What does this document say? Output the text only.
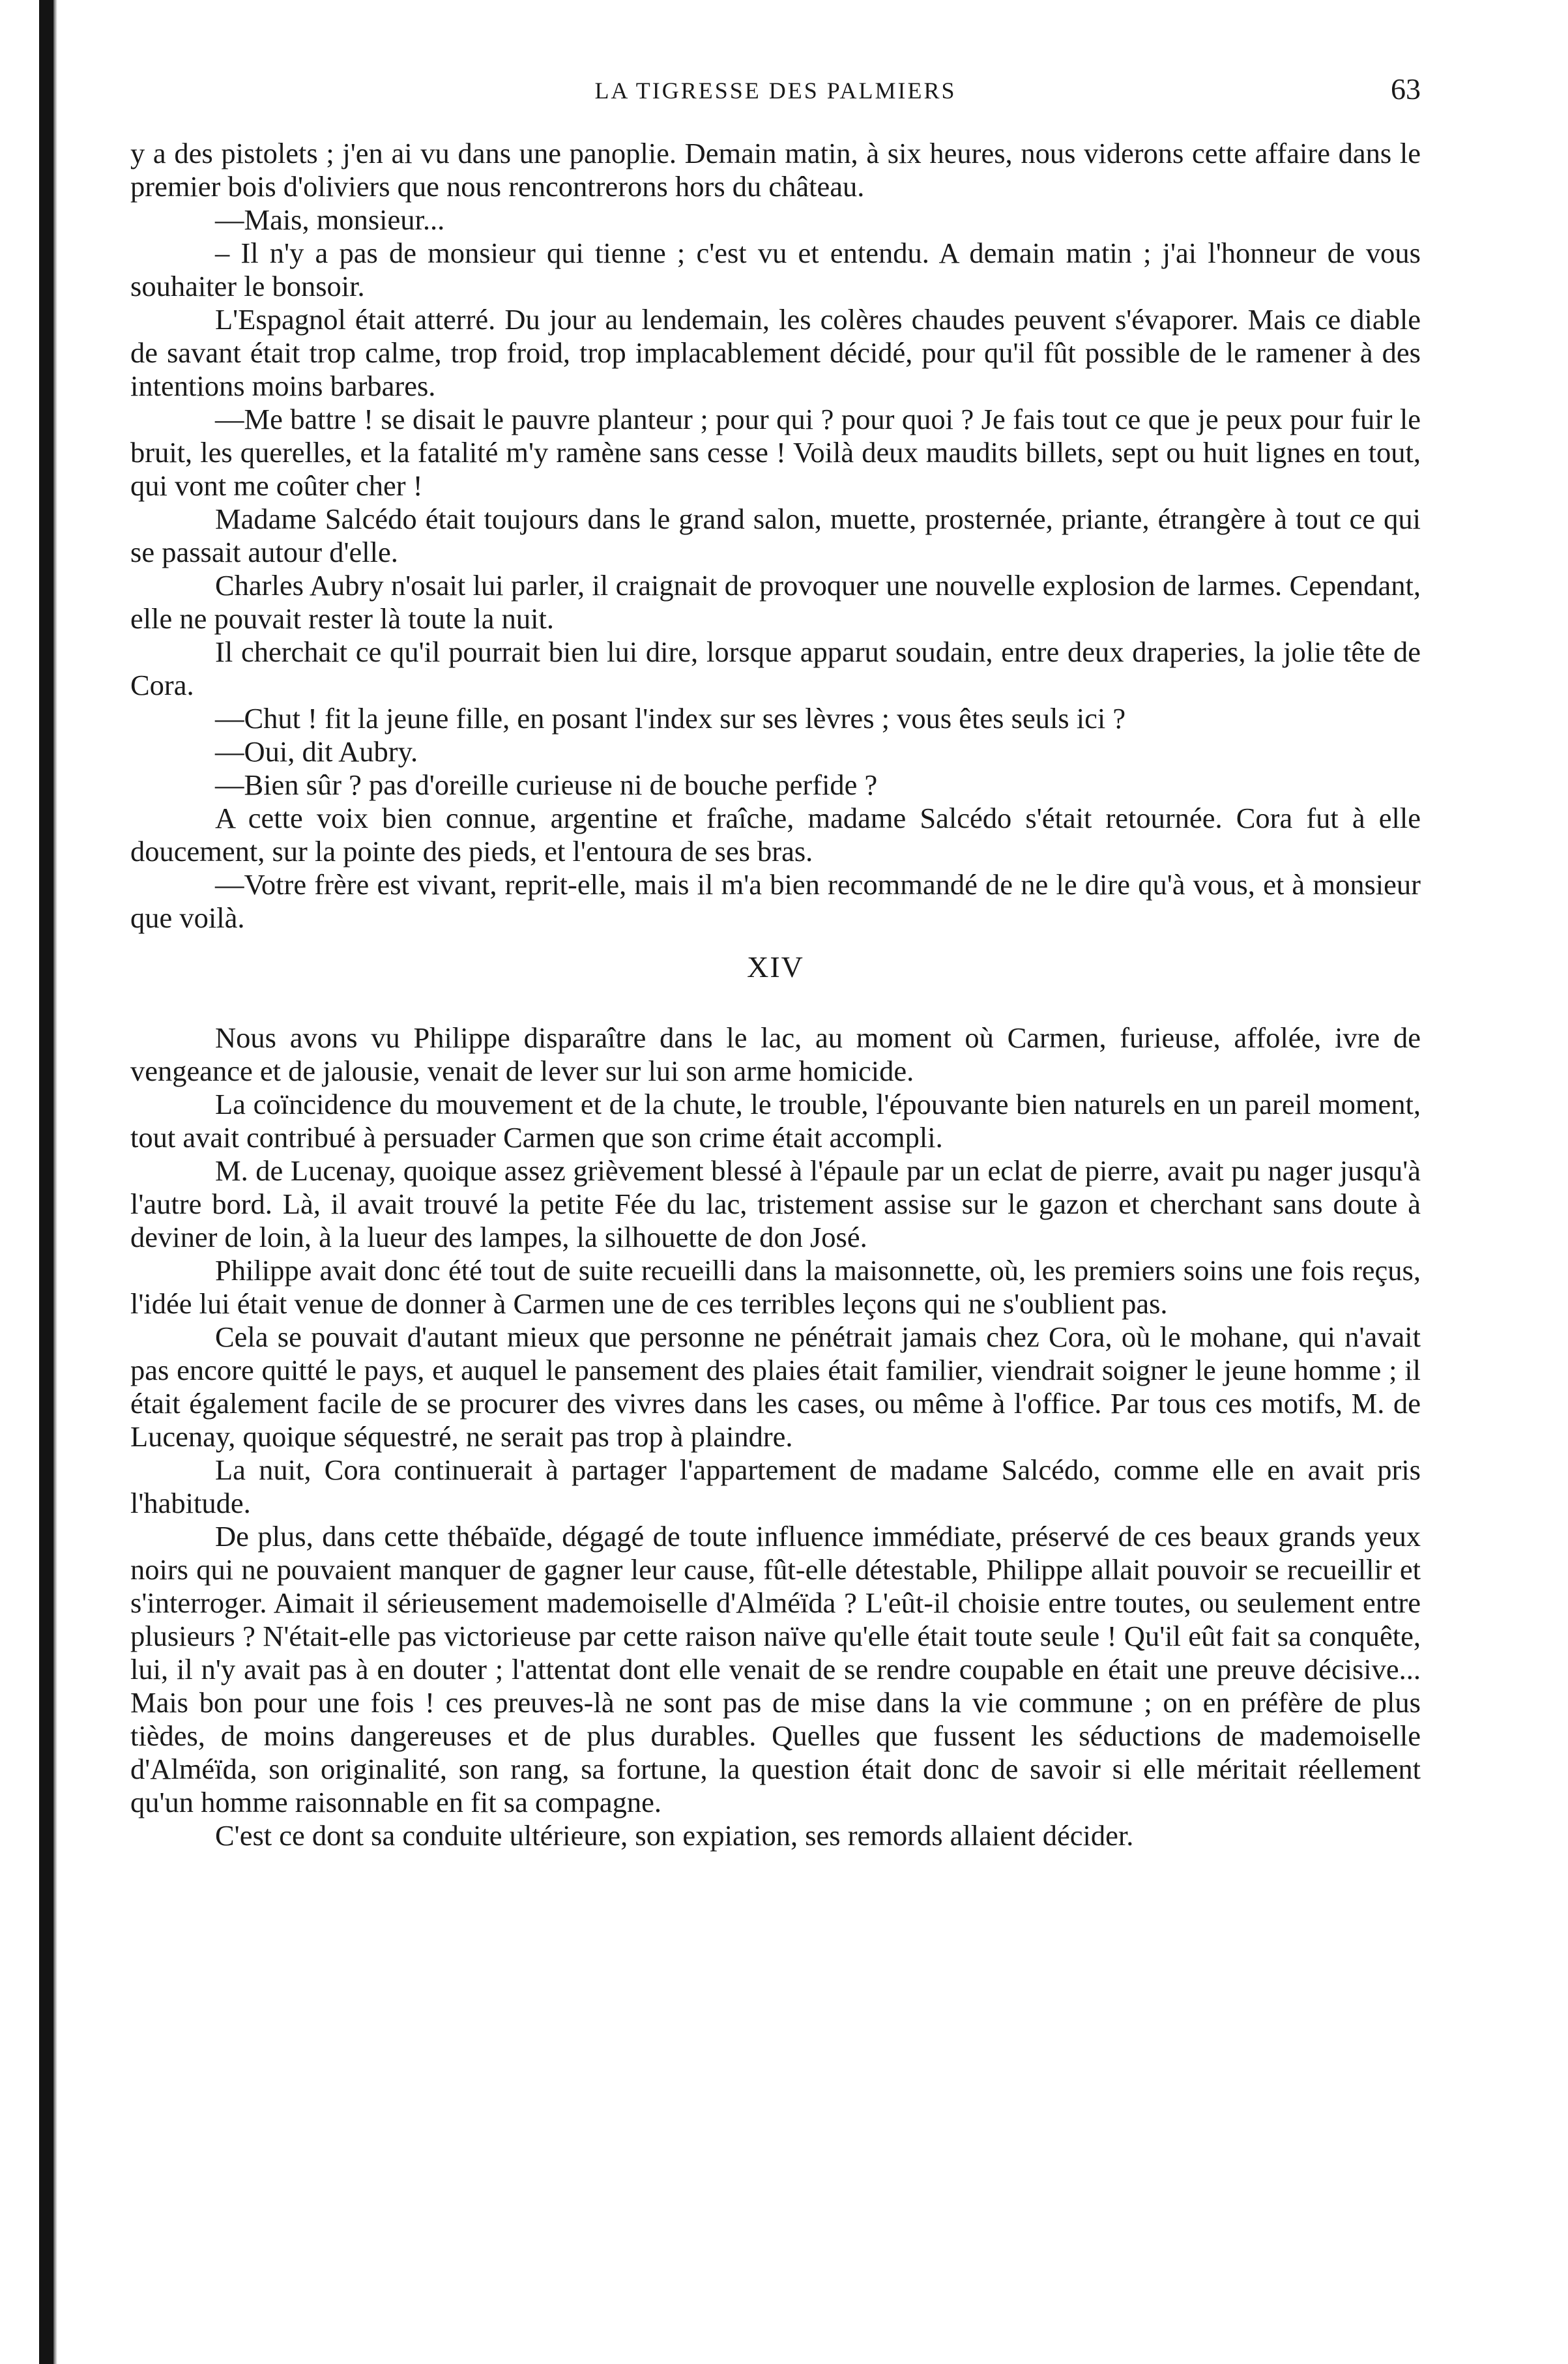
LA TIGRESSE DES PALMIERS	63

y a des pistolets ; j'en ai vu dans une panoplie. Demain matin, à six heures, nous viderons cette affaire dans le premier bois d'oliviers que nous rencontrerons hors du château.

—Mais, monsieur...

– Il n'y a pas de monsieur qui tienne ; c'est vu et entendu. A demain matin ; j'ai l'honneur de vous souhaiter le bonsoir.

L'Espagnol était atterré. Du jour au lendemain, les colères chaudes peuvent s'évaporer. Mais ce diable de savant était trop calme, trop froid, trop implacablement décidé, pour qu'il fût possible de le ramener à des intentions moins barbares.

—Me battre ! se disait le pauvre planteur ; pour qui ? pour quoi ? Je fais tout ce que je peux pour fuir le bruit, les querelles, et la fatalité m'y ramène sans cesse ! Voilà deux maudits billets, sept ou huit lignes en tout, qui vont me coûter cher !

Madame Salcédo était toujours dans le grand salon, muette, prosternée, priante, étrangère à tout ce qui se passait autour d'elle.

Charles Aubry n'osait lui parler, il craignait de provoquer une nouvelle explosion de larmes. Cependant, elle ne pouvait rester là toute la nuit.

Il cherchait ce qu'il pourrait bien lui dire, lorsque apparut soudain, entre deux draperies, la jolie tête de Cora.

—Chut ! fit la jeune fille, en posant l'index sur ses lèvres ; vous êtes seuls ici ?

—Oui, dit Aubry.

—Bien sûr ? pas d'oreille curieuse ni de bouche perfide ?

A cette voix bien connue, argentine et fraîche, madame Salcédo s'était retournée. Cora fut à elle doucement, sur la pointe des pieds, et l'entoura de ses bras.

—Votre frère est vivant, reprit-elle, mais il m'a bien recommandé de ne le dire qu'à vous, et à monsieur que voilà.

XIV

Nous avons vu Philippe disparaître dans le lac, au moment où Carmen, furieuse, affolée, ivre de vengeance et de jalousie, venait de lever sur lui son arme homicide.

La coïncidence du mouvement et de la chute, le trouble, l'épouvante bien naturels en un pareil moment, tout avait contribué à persuader Carmen que son crime était accompli.

M. de Lucenay, quoique assez grièvement blessé à l'épaule par un eclat de pierre, avait pu nager jusqu'à l'autre bord. Là, il avait trouvé la petite Fée du lac, tristement assise sur le gazon et cherchant sans doute à deviner de loin, à la lueur des lampes, la silhouette de don José.

Philippe avait donc été tout de suite recueilli dans la maisonnette, où, les premiers soins une fois reçus, l'idée lui était venue de donner à Carmen une de ces terribles leçons qui ne s'oublient pas.

Cela se pouvait d'autant mieux que personne ne pénétrait jamais chez Cora, où le mohane, qui n'avait pas encore quitté le pays, et auquel le pansement des plaies était familier, viendrait soigner le jeune homme ; il était également facile de se procurer des vivres dans les cases, ou même à l'office. Par tous ces motifs, M. de Lucenay, quoique séquestré, ne serait pas trop à plaindre.

La nuit, Cora continuerait à partager l'appartement de madame Salcédo, comme elle en avait pris l'habitude.

De plus, dans cette thébaïde, dégagé de toute influence immédiate, préservé de ces beaux grands yeux noirs qui ne pouvaient manquer de gagner leur cause, fût-elle détestable, Philippe allait pouvoir se recueillir et s'interroger. Aimait il sérieusement mademoiselle d'Alméïda ? L'eût-il choisie entre toutes, ou seulement entre plusieurs ? N'était-elle pas victorieuse par cette raison naïve qu'elle était toute seule ! Qu'il eût fait sa conquête, lui, il n'y avait pas à en douter ; l'attentat dont elle venait de se rendre coupable en était une preuve décisive... Mais bon pour une fois ! ces preuves-là ne sont pas de mise dans la vie commune ; on en préfère de plus tièdes, de moins dangereuses et de plus durables. Quelles que fussent les séductions de mademoiselle d'Alméïda, son originalité, son rang, sa fortune, la question était donc de savoir si elle méritait réellement qu'un homme raisonnable en fit sa compagne.

C'est ce dont sa conduite ultérieure, son expiation, ses remords allaient décider.
